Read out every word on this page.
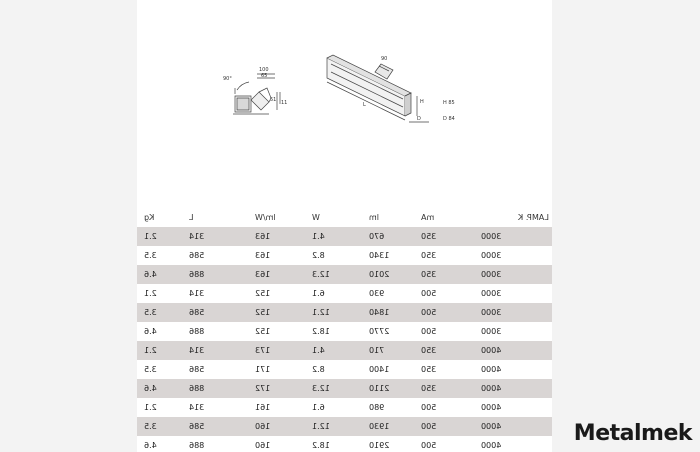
90°
100
65
51 11
90
L	H
D
H 85
D 84
Kg	L	lm/W	W	lm	mA	LAMP. K
2.1	314	163	4.1	670	350	3000
3.5	586	163	8.2	1340	350	3000
4.6	886	163	12.3	2010	350	3000
2.1	314	152	6.1	930	500	3000
3.5	586	152	12.1	1840	500	3000
4.6	886	152	18.2	2770	500	3000
2.1	314	173	4.1	710	350	4000
3.5	586	171	8.2	1400	350	4000
4.6	886	172	12.3	2110	350	4000
2.1	314	161	6.1	980	500	4000
3.5	586	160	12.1	1930	500	4000
4.6	886	160	18.2	2910	500	4000	Metalmek
